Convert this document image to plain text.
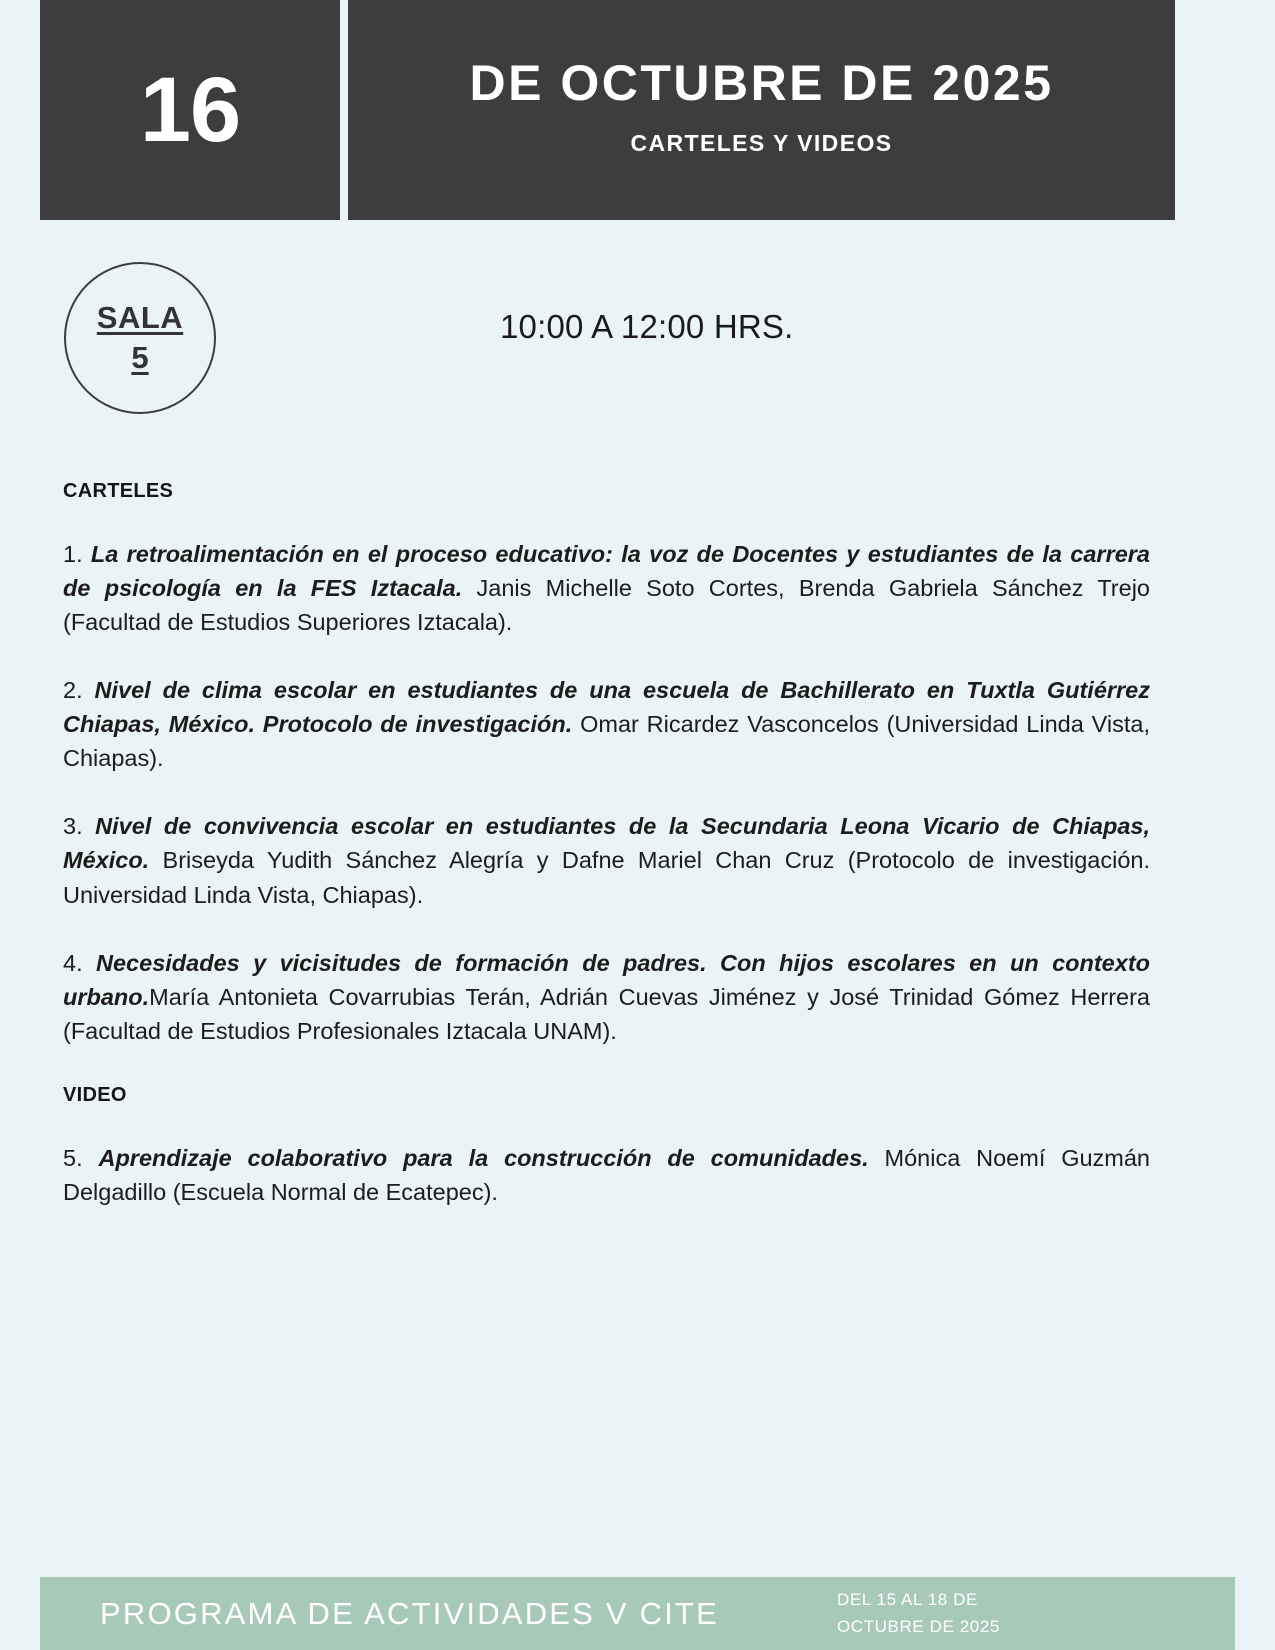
16	DE OCTUBRE DE 2025
CARTELES Y VIDEOS
SALA
5
10:00 A 12:00 HRS.
CARTELES

1. La retroalimentación en el proceso educativo: la voz de Docentes y estudiantes de la carrera de psicología en la FES Iztacala. Janis Michelle Soto Cortes, Brenda Gabriela Sánchez Trejo (Facultad de Estudios Superiores Iztacala).

2. Nivel de clima escolar en estudiantes de una escuela de Bachillerato en Tuxtla Gutiérrez Chiapas, México. Protocolo de investigación. Omar Ricardez Vasconcelos (Universidad Linda Vista, Chiapas).

3. Nivel de convivencia escolar en estudiantes de la Secundaria Leona Vicario de Chiapas, México. Briseyda Yudith Sánchez Alegría y Dafne Mariel Chan Cruz (Protocolo de investigación. Universidad Linda Vista, Chiapas).

4. Necesidades y vicisitudes de formación de padres. Con hijos escolares en un contexto urbano.María Antonieta Covarrubias Terán, Adrián Cuevas Jiménez y José Trinidad Gómez Herrera (Facultad de Estudios Profesionales Iztacala UNAM).

VIDEO

5. Aprendizaje colaborativo para la construcción de comunidades. Mónica Noemí Guzmán Delgadillo (Escuela Normal de Ecatepec).

PROGRAMA DE ACTIVIDADES V CITE	DEL 15 AL 18 DE
OCTUBRE DE 2025
